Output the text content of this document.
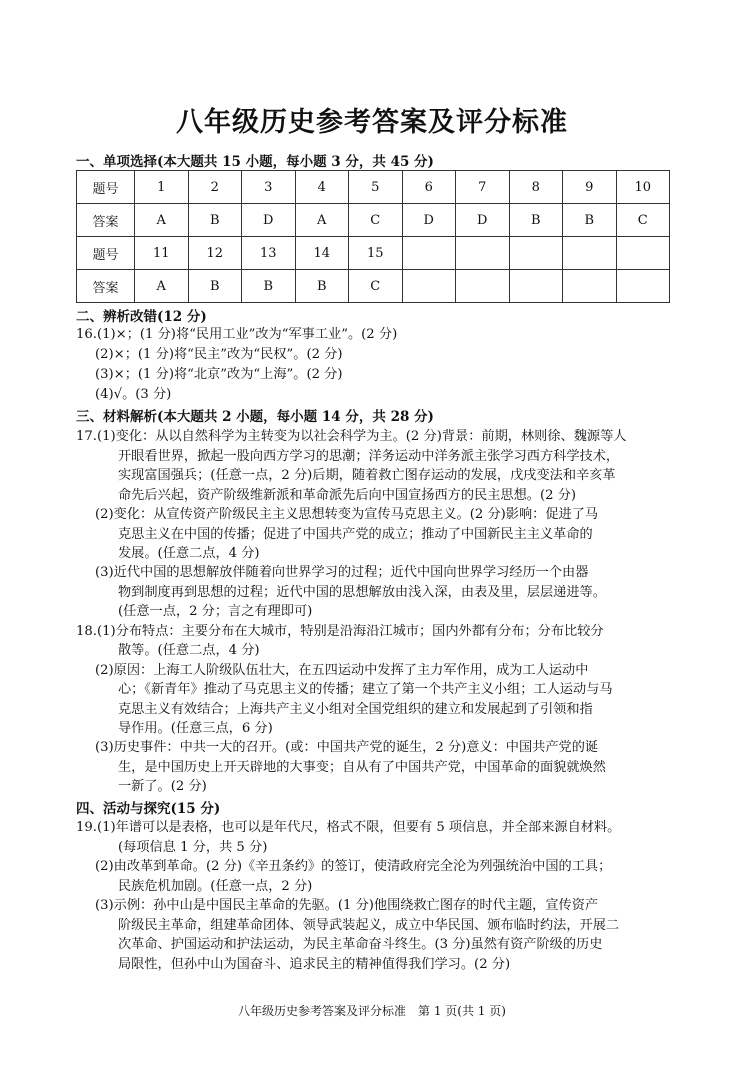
八年级历史参考答案及评分标准
一、单项选择(本大题共 15 小题，每小题 3 分，共 45 分)
题号	1	2	3	4	5	6	7	8	9	10
答案	A	B	D	A	C	D	D	B	B	C
题号	11	12	13	14	15					
答案	A	B	B	B	C					
二、辨析改错(12 分)
16.(1)×；(1 分)将“民用工业”改为“军事工业”。(2 分)
(2)×；(1 分)将“民主”改为“民权”。(2 分)
(3)×；(1 分)将“北京”改为“上海”。(2 分)
(4)√。(3 分)
三、材料解析(本大题共 2 小题，每小题 14 分，共 28 分)
17.(1)变化：从以自然科学为主转变为以社会科学为主。(2 分)背景：前期，林则徐、魏源等人
开眼看世界，掀起一股向西方学习的思潮；洋务运动中洋务派主张学习西方科学技术，
实现富国强兵；(任意一点，2 分)后期，随着救亡图存运动的发展，戊戌变法和辛亥革
命先后兴起，资产阶级维新派和革命派先后向中国宣扬西方的民主思想。(2 分)
(2)变化：从宣传资产阶级民主主义思想转变为宣传马克思主义。(2 分)影响：促进了马
克思主义在中国的传播；促进了中国共产党的成立；推动了中国新民主主义革命的
发展。(任意二点，4 分)
(3)近代中国的思想解放伴随着向世界学习的过程；近代中国向世界学习经历一个由器
物到制度再到思想的过程；近代中国的思想解放由浅入深，由表及里，层层递进等。
(任意一点，2 分；言之有理即可)
18.(1)分布特点：主要分布在大城市，特别是沿海沿江城市；国内外都有分布；分布比较分
散等。(任意二点，4 分)
(2)原因：上海工人阶级队伍壮大，在五四运动中发挥了主力军作用，成为工人运动中
心；《新青年》推动了马克思主义的传播；建立了第一个共产主义小组；工人运动与马
克思主义有效结合；上海共产主义小组对全国党组织的建立和发展起到了引领和指
导作用。(任意三点，6 分)
(3)历史事件：中共一大的召开。(或：中国共产党的诞生，2 分)意义：中国共产党的诞
生，是中国历史上开天辟地的大事变；自从有了中国共产党，中国革命的面貌就焕然
一新了。(2 分)
四、活动与探究(15 分)
19.(1)年谱可以是表格，也可以是年代尺，格式不限，但要有 5 项信息，并全部来源自材料。
(每项信息 1 分，共 5 分)
(2)由改革到革命。(2 分)《辛丑条约》的签订，使清政府完全沦为列强统治中国的工具；
民族危机加剧。(任意一点，2 分)
(3)示例：孙中山是中国民主革命的先驱。(1 分)他围绕救亡图存的时代主题，宣传资产
阶级民主革命，组建革命团体、领导武装起义，成立中华民国、颁布临时约法，开展二
次革命、护国运动和护法运动，为民主革命奋斗终生。(3 分)虽然有资产阶级的历史
局限性，但孙中山为国奋斗、追求民主的精神值得我们学习。(2 分)
八年级历史参考答案及评分标准　第 1 页(共 1 页)
